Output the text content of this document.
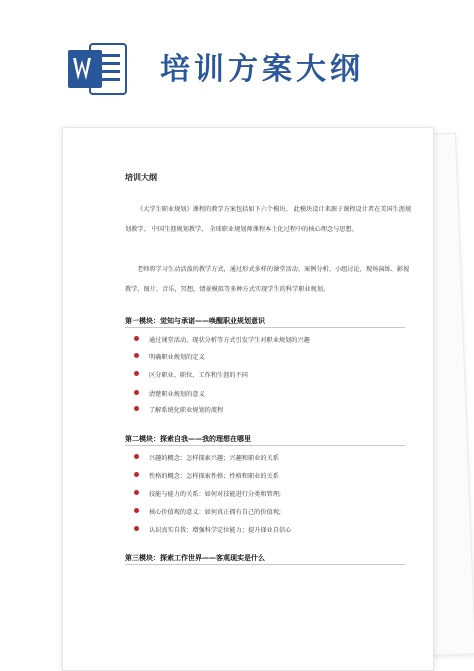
培训方案大纲
培训大纲

《大学生职业规划》课程的教学方案包括如下六个模块。 此模块设计来源于课程设计者在美国生涯规划教学、 中国生涯规划教学、 全球职业规划师课程本土化过程中的核心理念与思想。

老师将学习生动活泼的教学方式，通过形式多样的课堂活动、案例分析、小组讨论，现场演练、影视教学，图片、音乐，冥想，情景模拟等多种方式实现学生的科学职业规划。

第一模块：觉知与承诺——唤醒职业规划意识
通过课堂活动、现状分析等方式引发学生对职业规划的兴趣
明确职业规划的定义
区分职业、职位、工作和生涯的不同
清楚职业规划的意义
了解系统化职业规划的流程
第二模块：探索自我——我的理想在哪里
兴趣的概念：怎样探索兴趣；兴趣和职业的关系
性格的概念：怎样探索性格；性格和职业的关系
技能与能力的关系：如何对技能进行分类和管理;
核心价值观的意义：如何真正拥有自己的价值观;
认识真实自我：增强科学定位能力；提升择业自信心
第三模块：探索工作世界——客观现实是什么
